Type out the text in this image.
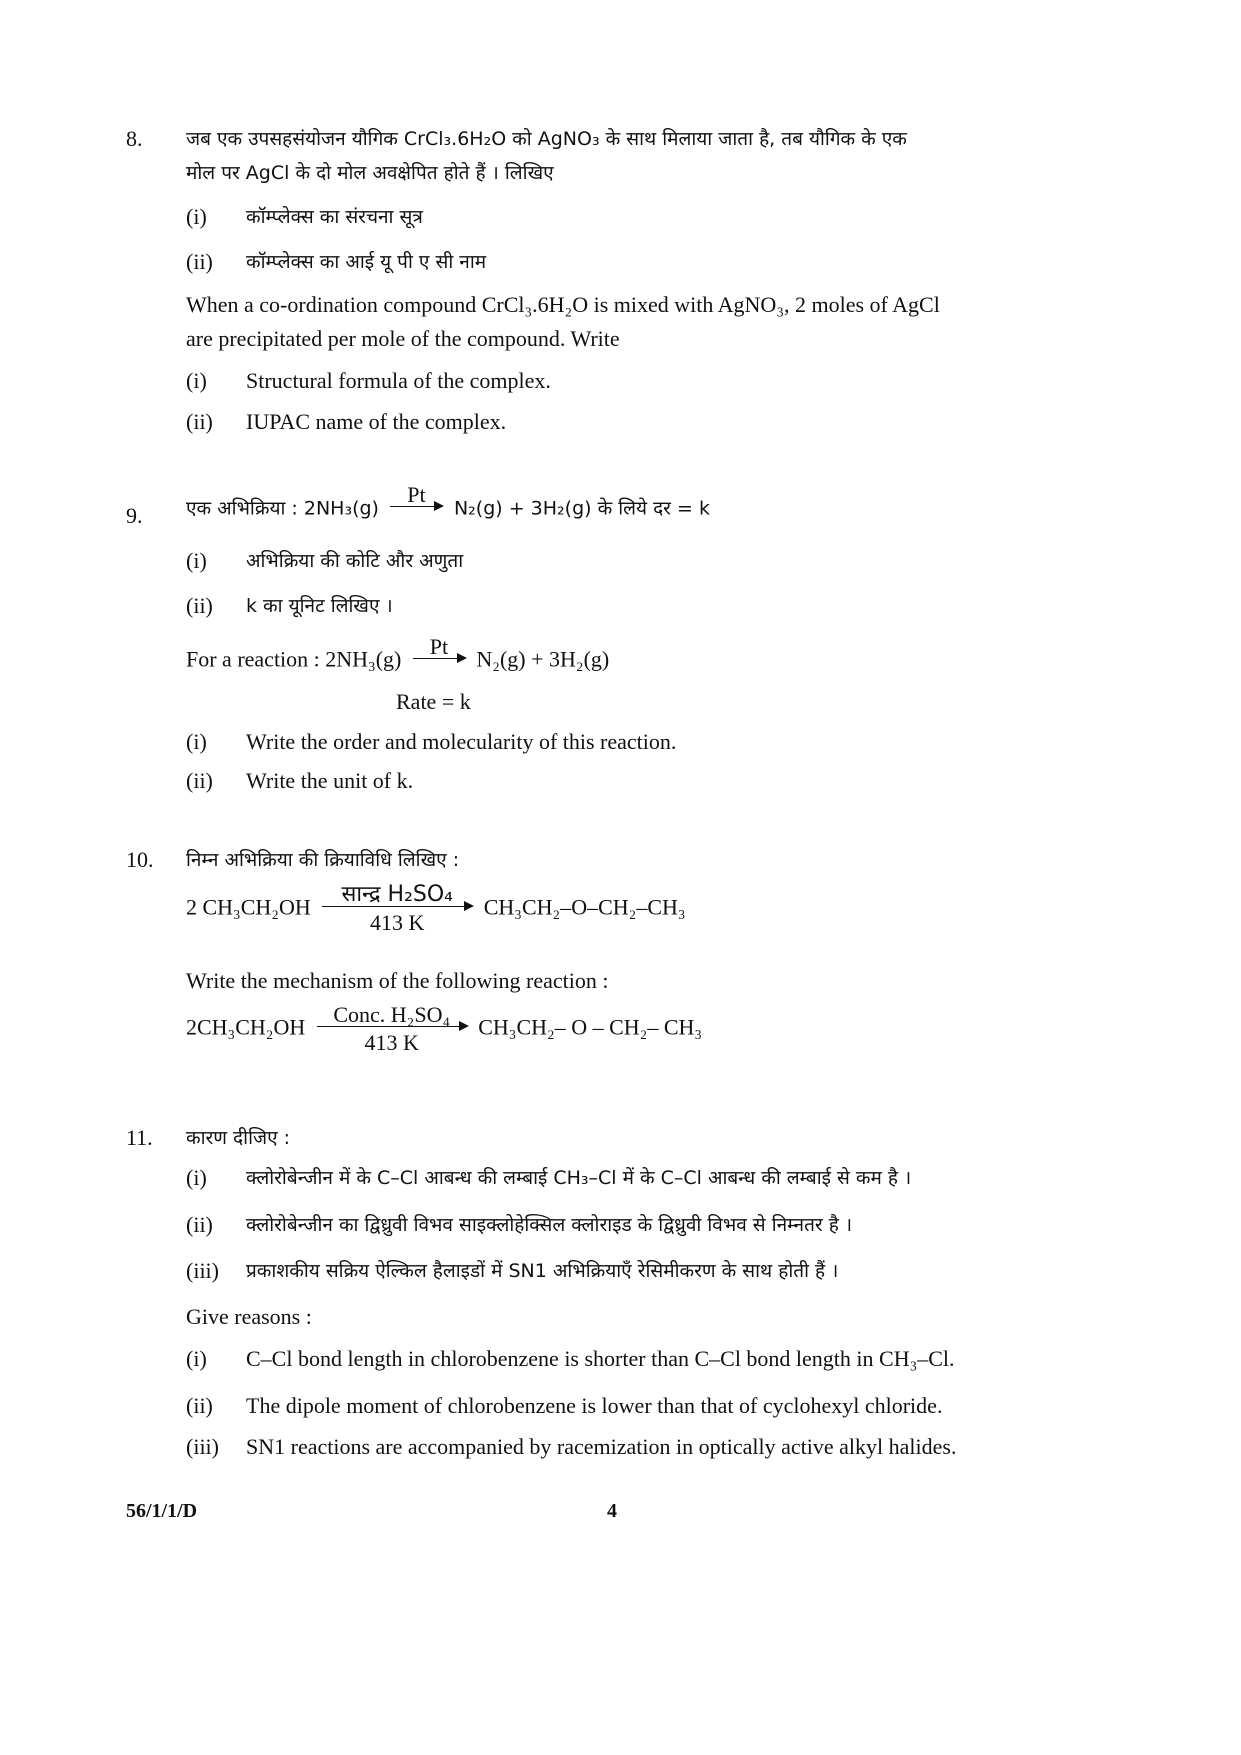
8. जब एक उपसहसंयोजन यौगिक CrCl₃.6H₂O को AgNO₃ के साथ मिलाया जाता है, तब यौगिक के एक
मोल पर AgCl के दो मोल अवक्षेपित होते हैं । लिखिए
(i) कॉम्प्लेक्स का संरचना सूत्र
(ii) कॉम्प्लेक्स का आई यू पी ए सी नाम
When a co-ordination compound CrCl₃.6H₂O is mixed with AgNO₃, 2 moles of AgCl
are precipitated per mole of the compound. Write
(i) Structural formula of the complex.
(ii) IUPAC name of the complex.
9. एक अभिक्रिया : 2NH₃(g)
Pt

N₂(g) + 3H₂(g) के लिये दर = k
(i) अभिक्रिया की कोटि और अणुता
(ii) k का यूनिट लिखिए ।
For a reaction : 2NH₃(g)
Pt

N₂(g) + 3H₂(g)
Rate = k
(i) Write the order and molecularity of this reaction.
(ii) Write the unit of k.
10. निम्न अभिक्रिया की क्रियाविधि लिखिए :
2 CH₃CH₂OH
सान्द्र H₂SO₄
413 K
CH₃CH₂–O–CH₂–CH₃
Write the mechanism of the following reaction :
2CH₃CH₂OH
Conc. H₂SO₄
413 K
CH₃CH₂– O – CH₂– CH₃
11. कारण दीजिए :
(i) क्लोरोबेन्जीन में के C–Cl आबन्ध की लम्बाई CH₃–Cl में के C–Cl आबन्ध की लम्बाई से कम है ।
(ii) क्लोरोबेन्जीन का द्विध्रुवी विभव साइक्लोहेक्सिल क्लोराइड के द्विध्रुवी विभव से निम्नतर है ।
(iii) प्रकाशकीय सक्रिय ऐल्किल हैलाइडों में SN1 अभिक्रियाएँ रेसिमीकरण के साथ होती हैं ।
Give reasons :
(i) C–Cl bond length in chlorobenzene is shorter than C–Cl bond length in CH₃–Cl.
(ii) The dipole moment of chlorobenzene is lower than that of cyclohexyl chloride.
(iii) SN1 reactions are accompanied by racemization in optically active alkyl halides.
56/1/1/D	4
